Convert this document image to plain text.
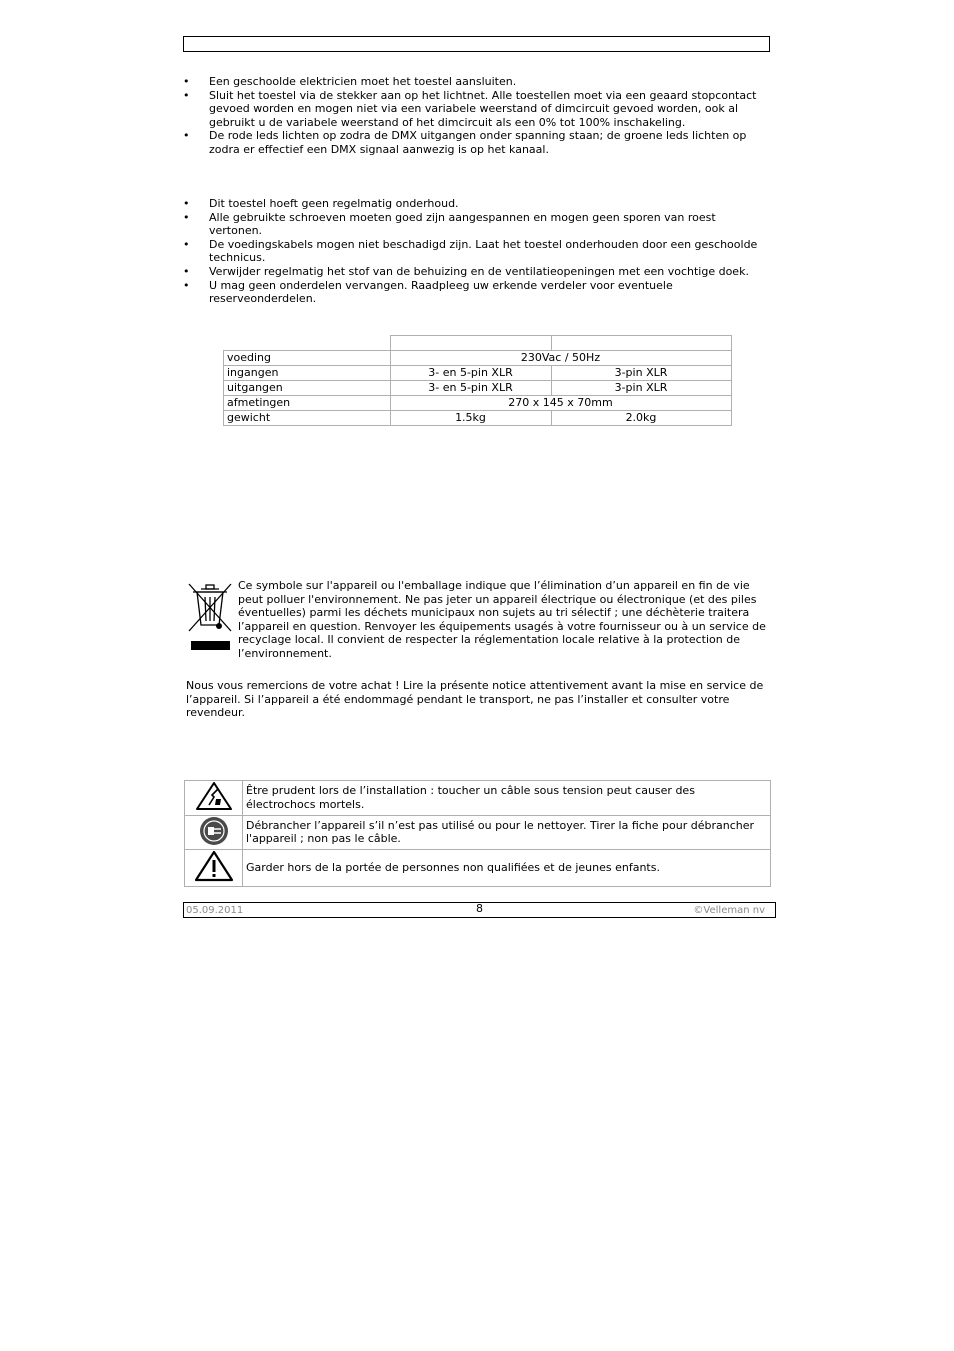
• Een geschoolde elektricien moet het toestel aansluiten.
• Sluit het toestel via de stekker aan op het lichtnet. Alle toestellen moet via een geaard stopcontact gevoed worden en mogen niet via een variabele weerstand of dimcircuit gevoed worden, ook al gebruikt u de variabele weerstand of het dimcircuit als een 0% tot 100% inschakeling.
• De rode leds lichten op zodra de DMX uitgangen onder spanning staan; de groene leds lichten op zodra er effectief een DMX signaal aanwezig is op het kanaal.
• Dit toestel hoeft geen regelmatig onderhoud.
• Alle gebruikte schroeven moeten goed zijn aangespannen en mogen geen sporen van roest vertonen.
• De voedingskabels mogen niet beschadigd zijn. Laat het toestel onderhouden door een geschoolde technicus.
• Verwijder regelmatig het stof van de behuizing en de ventilatieopeningen met een vochtige doek.
• U mag geen onderdelen vervangen. Raadpleeg uw erkende verdeler voor eventuele reserveonderdelen.

voeding	230Vac / 50Hz	
ingangen	3- en 5-pin XLR	3-pin XLR
uitgangen	3- en 5-pin XLR	3-pin XLR
afmetingen	270 x 145 x 70mm	
gewicht	1.5kg	2.0kg
Ce symbole sur l'appareil ou l'emballage indique que l’élimination d’un appareil en fin de vie peut polluer l'environnement. Ne pas jeter un appareil électrique ou électronique (et des piles éventuelles) parmi les déchets municipaux non sujets au tri sélectif ; une déchèterie traitera l’appareil en question. Renvoyer les équipements usagés à votre fournisseur ou à un service de recyclage local. Il convient de respecter la réglementation locale relative à la protection de l’environnement.
Nous vous remercions de votre achat ! Lire la présente notice attentivement avant la mise en service de l’appareil. Si l’appareil a été endommagé pendant le transport, ne pas l’installer et consulter votre revendeur.
	Être prudent lors de l’installation : toucher un câble sous tension peut causer des électrochocs mortels.
	Débrancher l’appareil s’il n’est pas utilisé ou pour le nettoyer. Tirer la fiche pour débrancher l'appareil ; non pas le câble.
	Garder hors de la portée de personnes non qualifiées et de jeunes enfants.
05.09.2011	8	©Velleman nv
